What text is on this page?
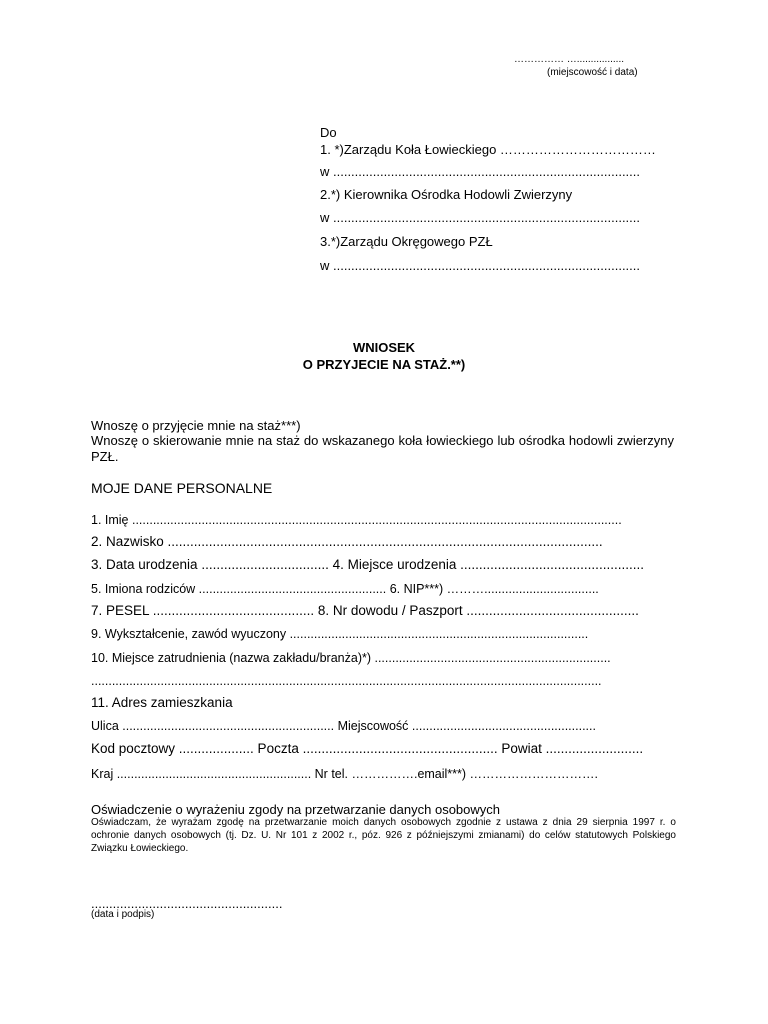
…………… ….................
(miejscowość i data)
Do
1. *)Zarządu Koła Łowieckiego ………………………………
w .....................................................................................
2.*) Kierownika Ośrodka Hodowli Zwierzyny
w .....................................................................................
3.*)Zarządu Okręgowego PZŁ
w .....................................................................................
WNIOSEK
O PRZYJECIE NA STAŻ.**)
Wnoszę o przyjęcie mnie na staż***)
Wnoszę o skierowanie mnie na staż do wskazanego koła łowieckiego lub ośrodka hodowli zwierzyny PZŁ.
MOJE DANE PERSONALNE
1. Imię .............................................................................................................................................
2. Nazwisko ....................................................................................................................
3. Data urodzenia .................................. 4. Miejsce urodzenia .................................................
5. Imiona rodziców ...................................................... 6. NIP***) ……….................................
7. PESEL ........................................... 8. Nr dowodu / Paszport ..............................................
9. Wykształcenie, zawód wyuczony ......................................................................................
10. Miejsce zatrudnienia (nazwa zakładu/branża)*) ....................................................................
...................................................................................................................................................
11. Adres zamieszkania
Ulica ............................................................. Miejscowość .....................................................
Kod pocztowy .................... Poczta .................................................... Powiat ..........................
Kraj ........................................................ Nr tel. …………….email***) ………………………….
Oświadczenie o wyrażeniu zgody na przetwarzanie danych osobowych
Oświadczam, że wyrażam zgodę na przetwarzanie moich danych osobowych zgodnie z ustawa z dnia 29 sierpnia 1997 r. o ochronie danych osobowych (tj. Dz. U. Nr 101 z 2002 r., póz. 926 z późniejszymi zmianami) do celów statutowych Polskiego Związku Łowieckiego.
.....................................................
(data i podpis)
